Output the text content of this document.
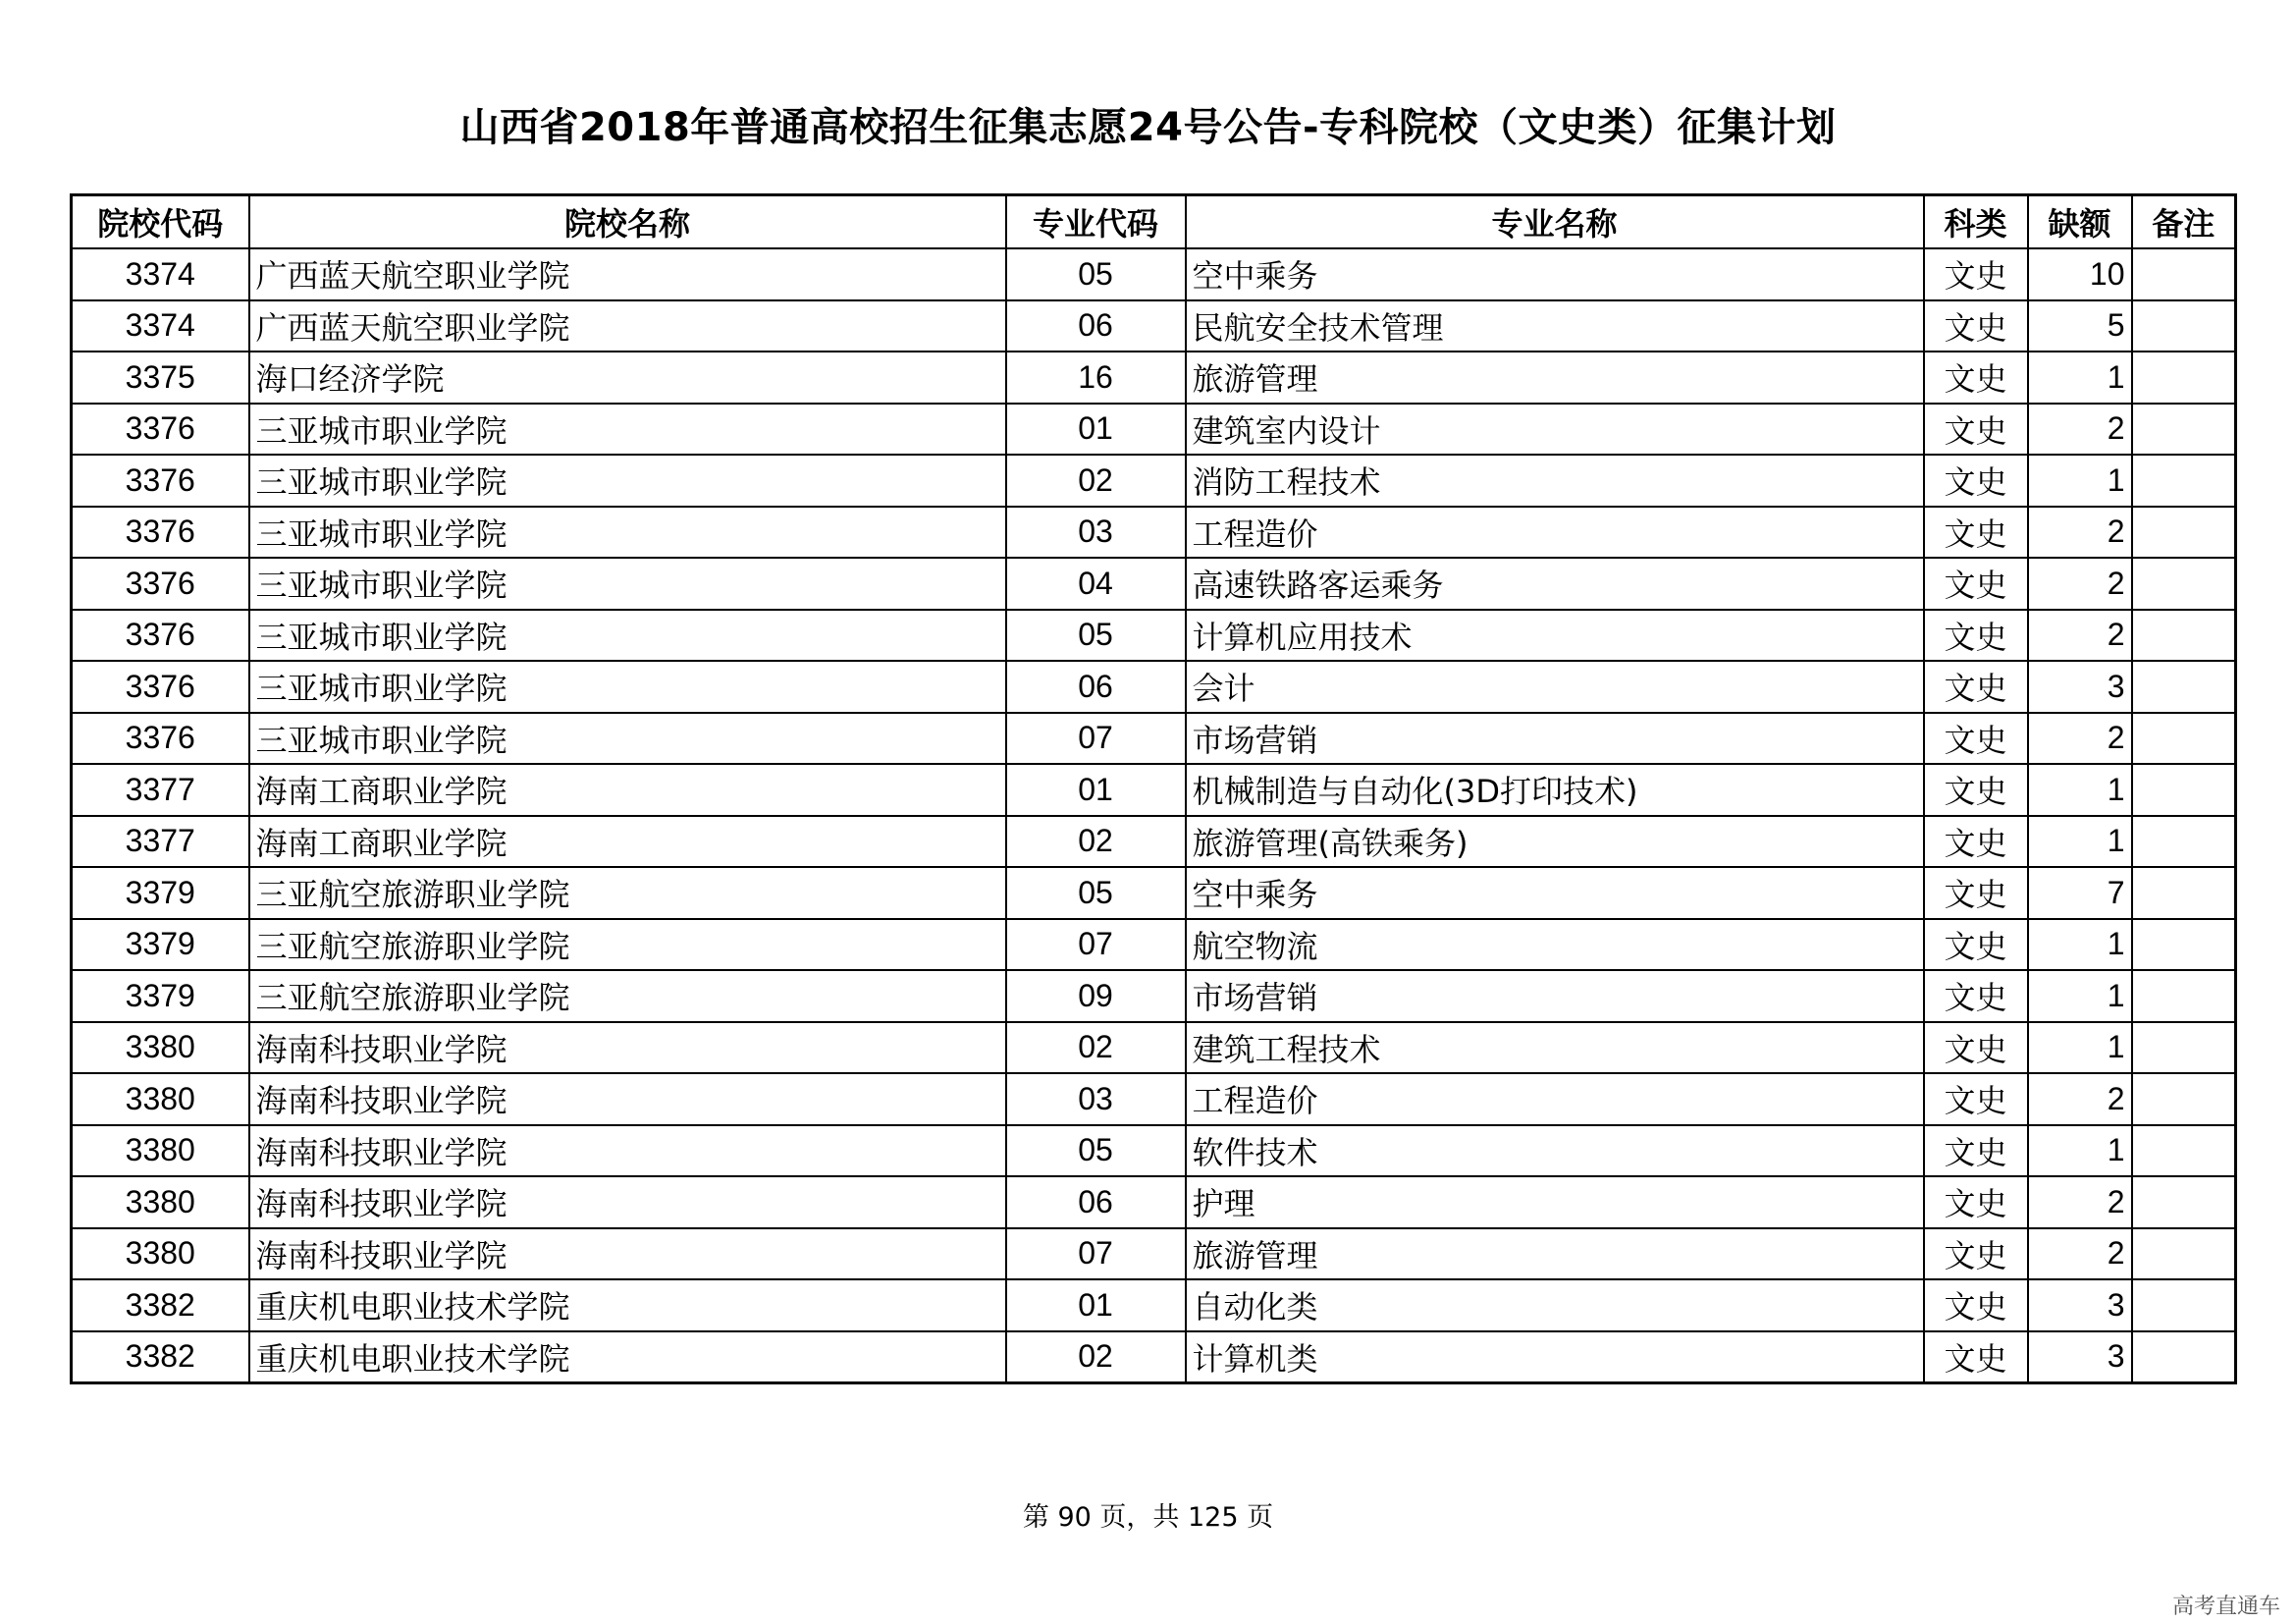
山西省2018年普通高校招生征集志愿24号公告-专科院校（文史类）征集计划
院校代码	院校名称	专业代码	专业名称	科类	缺额	备注
3374	广西蓝天航空职业学院	05	空中乘务	文史	10	
3374	广西蓝天航空职业学院	06	民航安全技术管理	文史	5	
3375	海口经济学院	16	旅游管理	文史	1	
3376	三亚城市职业学院	01	建筑室内设计	文史	2	
3376	三亚城市职业学院	02	消防工程技术	文史	1	
3376	三亚城市职业学院	03	工程造价	文史	2	
3376	三亚城市职业学院	04	高速铁路客运乘务	文史	2	
3376	三亚城市职业学院	05	计算机应用技术	文史	2	
3376	三亚城市职业学院	06	会计	文史	3	
3376	三亚城市职业学院	07	市场营销	文史	2	
3377	海南工商职业学院	01	机械制造与自动化(3D打印技术)	文史	1	
3377	海南工商职业学院	02	旅游管理(高铁乘务)	文史	1	
3379	三亚航空旅游职业学院	05	空中乘务	文史	7	
3379	三亚航空旅游职业学院	07	航空物流	文史	1	
3379	三亚航空旅游职业学院	09	市场营销	文史	1	
3380	海南科技职业学院	02	建筑工程技术	文史	1	
3380	海南科技职业学院	03	工程造价	文史	2	
3380	海南科技职业学院	05	软件技术	文史	1	
3380	海南科技职业学院	06	护理	文史	2	
3380	海南科技职业学院	07	旅游管理	文史	2	
3382	重庆机电职业技术学院	01	自动化类	文史	3	
3382	重庆机电职业技术学院	02	计算机类	文史	3	
第 90 页，共 125 页
高考直通车
